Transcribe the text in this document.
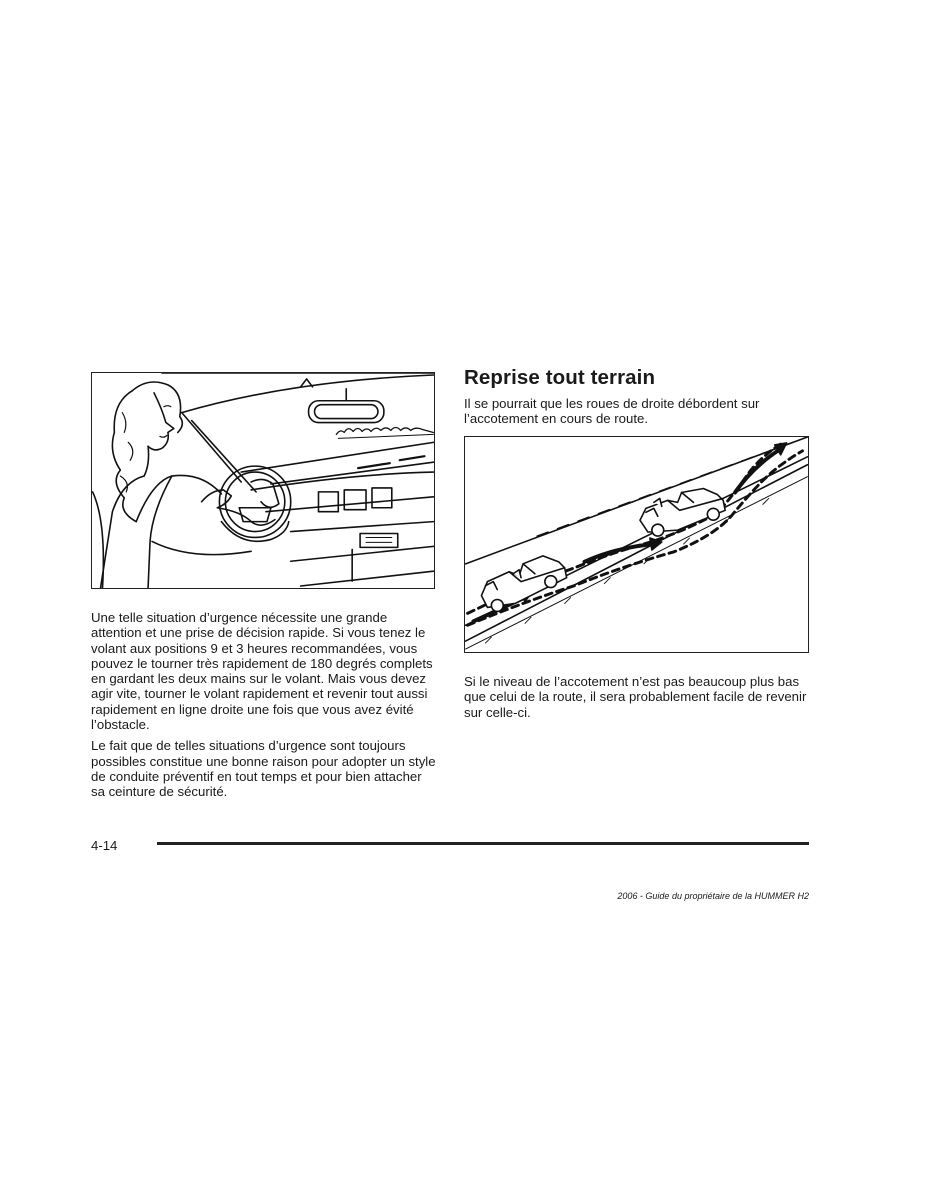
Une telle situation d’urgence nécessite une grande attention et une prise de décision rapide. Si vous tenez le volant aux positions 9 et 3 heures recommandées, vous pouvez le tourner très rapidement de 180 degrés complets en gardant les deux mains sur le volant. Mais vous devez agir vite, tourner le volant rapidement et revenir tout aussi rapidement en ligne droite une fois que vous avez évité l’obstacle.

Le fait que de telles situations d’urgence sont toujours possibles constitue une bonne raison pour adopter un style de conduite préventif en tout temps et pour bien attacher sa ceinture de sécurité.

Reprise tout terrain

Il se pourrait que les roues de droite débordent sur l’accotement en cours de route.

Si le niveau de l’accotement n’est pas beaucoup plus bas que celui de la route, il sera probablement facile de revenir sur celle-ci.

4-14
2006 - Guide du propriétaire de la HUMMER H2
